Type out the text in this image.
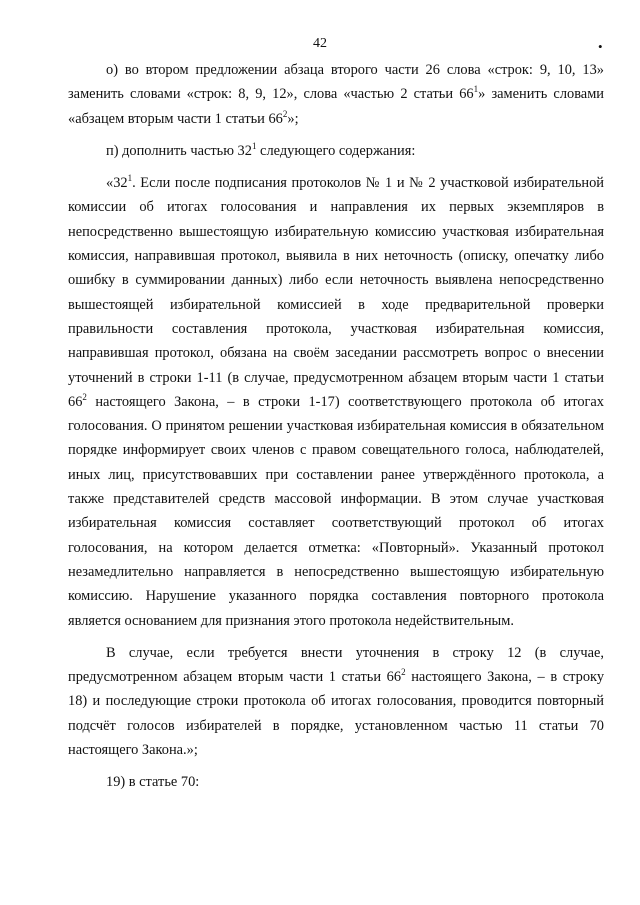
42	•

о) во втором предложении абзаца второго части 26 слова «строк: 9, 10, 13» заменить словами «строк: 8, 9, 12», слова «частью 2 статьи $66^1$» заменить словами «абзацем вторым части 1 статьи $66^2$»;

п) дополнить частью $32^1$ следующего содержания:

«$32^1$. Если после подписания протоколов № 1 и № 2 участковой избирательной комиссии об итогах голосования и направления их первых экземпляров в непосредственно вышестоящую избирательную комиссию участковая избирательная комиссия, направившая протокол, выявила в них неточность (описку, опечатку либо ошибку в суммировании данных) либо если неточность выявлена непосредственно вышестоящей избирательной комиссией в ходе предварительной проверки правильности составления протокола, участковая избирательная комиссия, направившая протокол, обязана на своём заседании рассмотреть вопрос о внесении уточнений в строки 1-11 (в случае, предусмотренном абзацем вторым части 1 статьи $66^2$ настоящего Закона, – в строки 1-17) соответствующего протокола об итогах голосования. О принятом решении участковая избирательная комиссия в обязательном порядке информирует своих членов с правом совещательного голоса, наблюдателей, иных лиц, присутствовавших при составлении ранее утверждённого протокола, а также представителей средств массовой информации. В этом случае участковая избирательная комиссия составляет соответствующий протокол об итогах голосования, на котором делается отметка: «Повторный». Указанный протокол незамедлительно направляется в непосредственно вышестоящую избирательную комиссию. Нарушение указанного порядка составления повторного протокола является основанием для признания этого протокола недействительным.

В случае, если требуется внести уточнения в строку 12 (в случае, предусмотренном абзацем вторым части 1 статьи $66^2$ настоящего Закона, – в строку 18) и последующие строки протокола об итогах голосования, проводится повторный подсчёт голосов избирателей в порядке, установленном частью 11 статьи 70 настоящего Закона.»;

19) в статье 70:
